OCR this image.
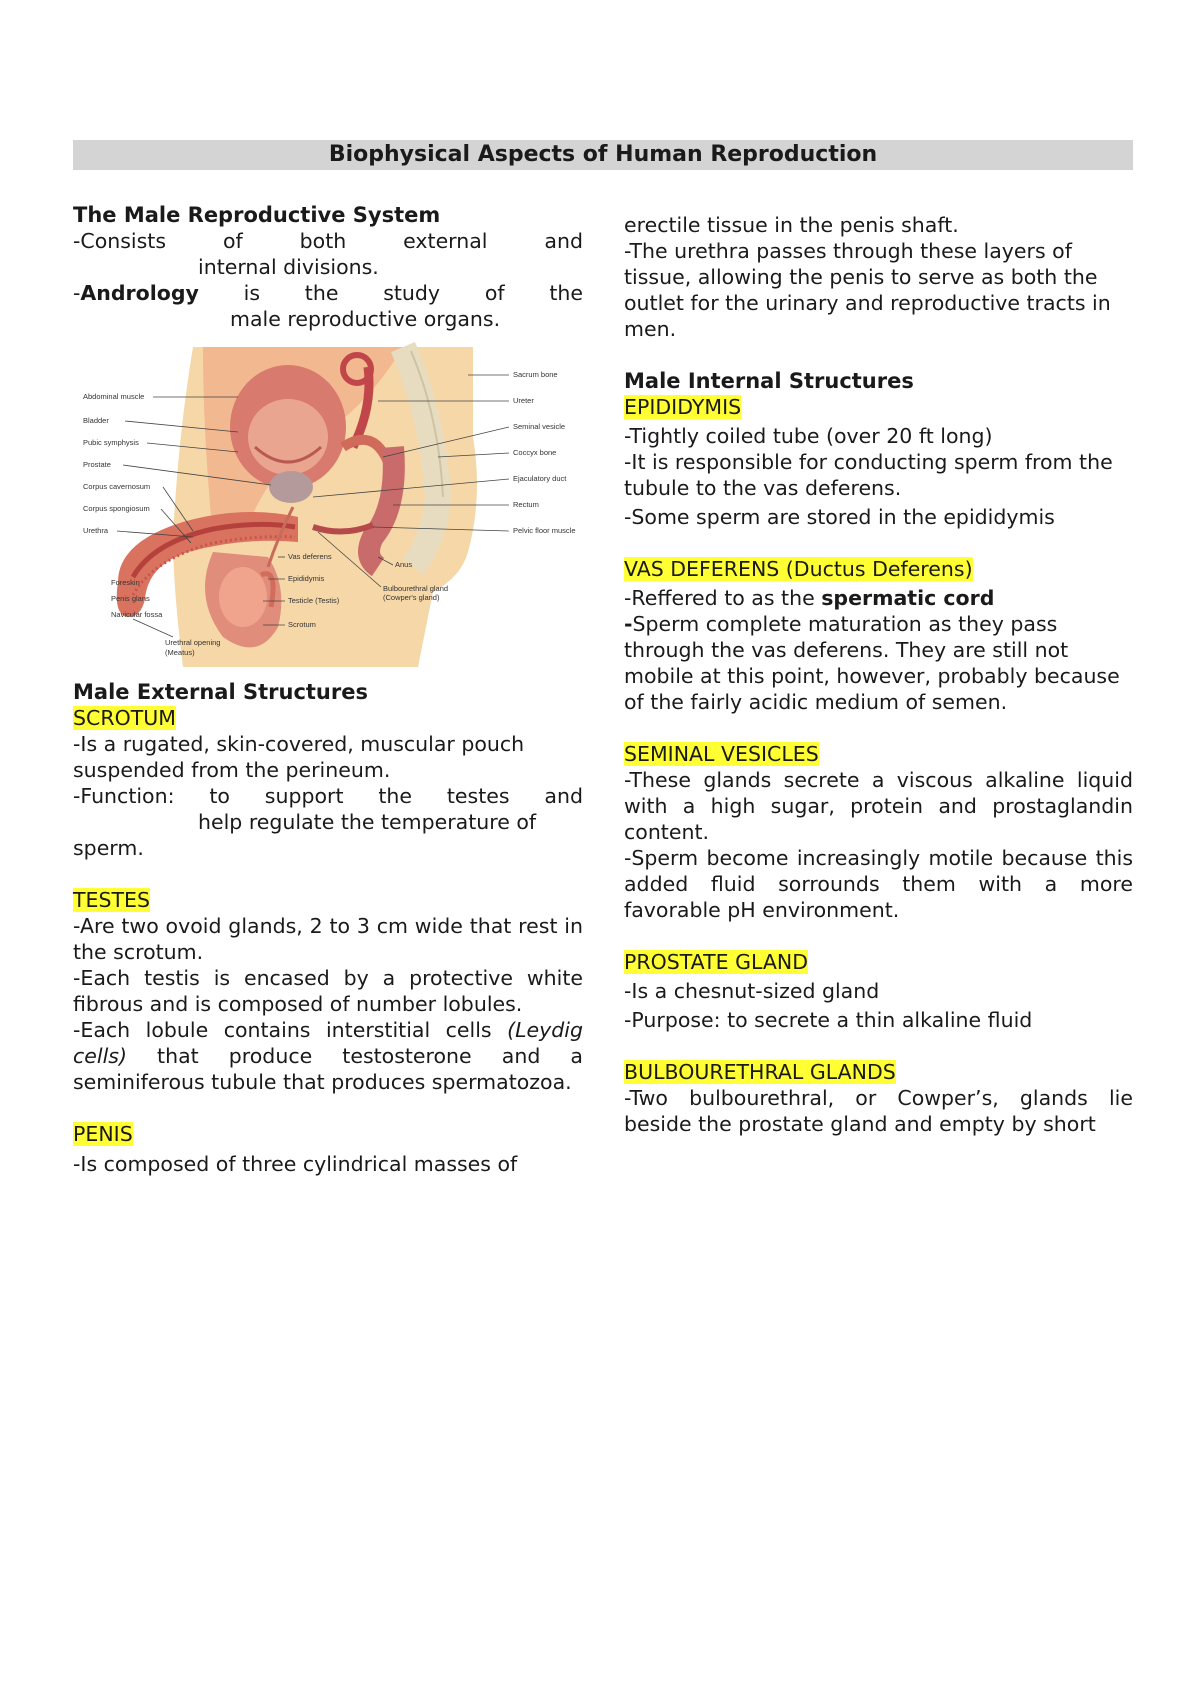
Biophysical Aspects of Human Reproduction

The Male Reproductive System

-Consists of both external and

internal divisions.

-Andrology is the study of the

male reproductive organs.

Abdominal muscle
Bladder
Pubic symphysis
Prostate
Corpus cavernosum
Corpus spongiosum
Urethra
Foreskin
Penis glans
Navicular fossa
Sacrum bone
Ureter
Seminal vesicle
Coccyx bone
Ejaculatory duct
Rectum
Pelvic floor muscle
Vas deferens
Epididymis
Testicle (Testis)
Scrotum
Anus
Bulbourethral gland
(Cowper's gland)
Urethral opening
(Meatus)

Male External Structures

SCROTUM

-Is a rugated, skin-covered, muscular pouch suspended from the perineum.

-Function: to support the testes and

help regulate the temperature of

sperm.

TESTES

-Are two ovoid glands, 2 to 3 cm wide that rest in the scrotum.

-Each testis is encased by a protective white fibrous and is composed of number lobules.

-Each lobule contains interstitial cells (Leydig cells) that produce testosterone and a seminiferous tubule that produces spermatozoa.

PENIS

-Is composed of three cylindrical masses of

erectile tissue in the penis shaft.

-The urethra passes through these layers of tissue, allowing the penis to serve as both the outlet for the urinary and reproductive tracts in men.

Male Internal Structures

EPIDIDYMIS

-Tightly coiled tube (over 20 ft long)

-It is responsible for conducting sperm from the tubule to the vas deferens.

-Some sperm are stored in the epididymis

VAS DEFERENS (Ductus Deferens)

-Reffered to as the spermatic cord

-Sperm complete maturation as they pass through the vas deferens. They are still not mobile at this point, however, probably because of the fairly acidic medium of semen.

SEMINAL VESICLES

-These glands secrete a viscous alkaline liquid with a high sugar, protein and prostaglandin content.

-Sperm become increasingly motile because this added fluid sorrounds them with a more favorable pH environment.

PROSTATE GLAND

-Is a chesnut-sized gland

-Purpose: to secrete a thin alkaline fluid

BULBOURETHRAL GLANDS

-Two bulbourethral, or Cowper’s, glands lie beside the prostate gland and empty by short
